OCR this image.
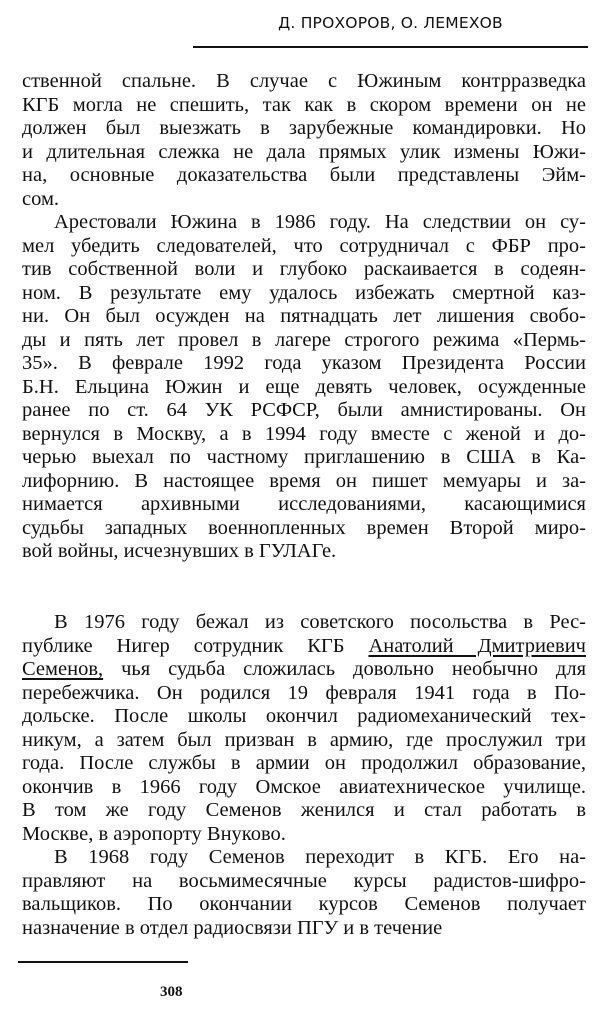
Д. ПРОХОРОВ, О. ЛЕМЕХОВ
ственной спальне. В случае с Южиным контрразведка
КГБ могла не спешить, так как в скором времени он не
должен был выезжать в зарубежные командировки. Но
и длительная слежка не дала прямых улик измены Южи-
на, основные доказательства были представлены Эйм-
сом.
Арестовали Южина в 1986 году. На следствии он су-
мел убедить следователей, что сотрудничал с ФБР про-
тив собственной воли и глубоко раскаивается в содеян-
ном. В результате ему удалось избежать смертной каз-
ни. Он был осужден на пятнадцать лет лишения свобо-
ды и пять лет провел в лагере строгого режима «Пермь-
35». В феврале 1992 года указом Президента России
Б.Н. Ельцина Южин и еще девять человек, осужденные
ранее по ст. 64 УК РСФСР, были амнистированы. Он
вернулся в Москву, а в 1994 году вместе с женой и до-
черью выехал по частному приглашению в США в Ка-
лифорнию. В настоящее время он пишет мемуары и за-
нимается архивными исследованиями, касающимися
судьбы западных военнопленных времен Второй миро-
вой войны, исчезнувших в ГУЛАГе.
В 1976 году бежал из советского посольства в Рес-
публике Нигер сотрудник КГБ Анатолий Дмитриевич
Семенов, чья судьба сложилась довольно необычно для
перебежчика. Он родился 19 февраля 1941 года в По-
дольске. После школы окончил радиомеханический тех-
никум, а затем был призван в армию, где прослужил три
года. После службы в армии он продолжил образование,
окончив в 1966 году Омское авиатехническое училище.
В том же году Семенов женился и стал работать в
Москве, в аэропорту Внуково.
В 1968 году Семенов переходит в КГБ. Его на-
правляют на восьмимесячные курсы радистов-шифро-
вальщиков. По окончании курсов Семенов получает
назначение в отдел радиосвязи ПГУ и в течение
308
